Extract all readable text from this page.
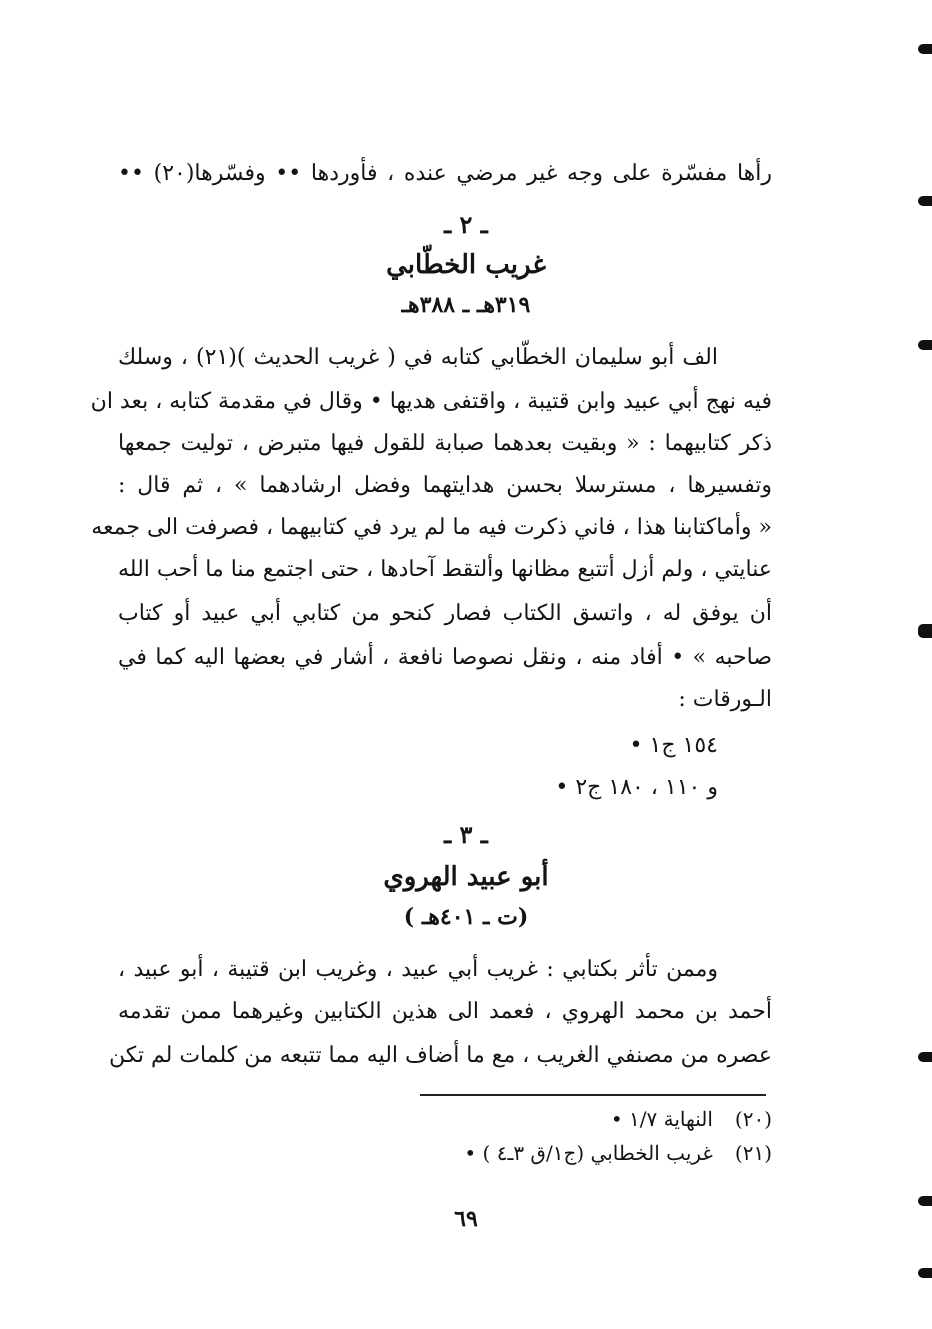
رأها مفسّرة على وجه غير مرضي عنده ، فأوردها •• وفسّرها(٢٠) ••
ـ ٢ ـ
غريب الخطّابي
٣١٩هـ ـ ٣٨٨هـ
الف أبو سليمان الخطّابي كتابه في ( غريب الحديث )(٢١) ، وسلك
فيه نهج أبي عبيد وابن قتيبة ، واقتفى هديها • وقال في مقدمة كتابه ، بعد ان
ذكر كتابيهما : « وبقيت بعدهما صبابة للقول فيها متبرض ، توليت جمعها
وتفسيرها ، مسترسلا بحسن هدايتهما وفضل ارشادهما » ، ثم قال :
« وأماكتابنا هذا ، فاني ذكرت فيه ما لم يرد في كتابيهما ، فصرفت الى جمعه
عنايتي ، ولم أزل أتتبع مظانها وألتقط آحادها ، حتى اجتمع منا ما أحب الله
أن يوفق له ، واتسق الكتاب فصار كنحو من كتابي أبي عبيد أو كتاب
صاحبه » • أفاد منه ، ونقل نصوصا نافعة ، أشار في بعضها اليه كما في
الـورقات :
١٥٤ ج١ •
و ١١٠ ، ١٨٠ ج٢ •
ـ ٣ ـ
أبو عبيد الهروي
(ت ـ ٤٠١هـ )
وممن تأثر بكتابي : غريب أبي عبيد ، وغريب ابن قتيبة ، أبو عبيد ،
أحمد بن محمد الهروي ، فعمد الى هذين الكتابين وغيرهما ممن تقدمه
عصره من مصنفي الغريب ، مع ما أضاف اليه مما تتبعه من كلمات لم تكن
(٢٠)النهاية ١/٧ •
(٢١)غريب الخطابي (ج١/ق ٣ـ٤ ) •
٦٩
